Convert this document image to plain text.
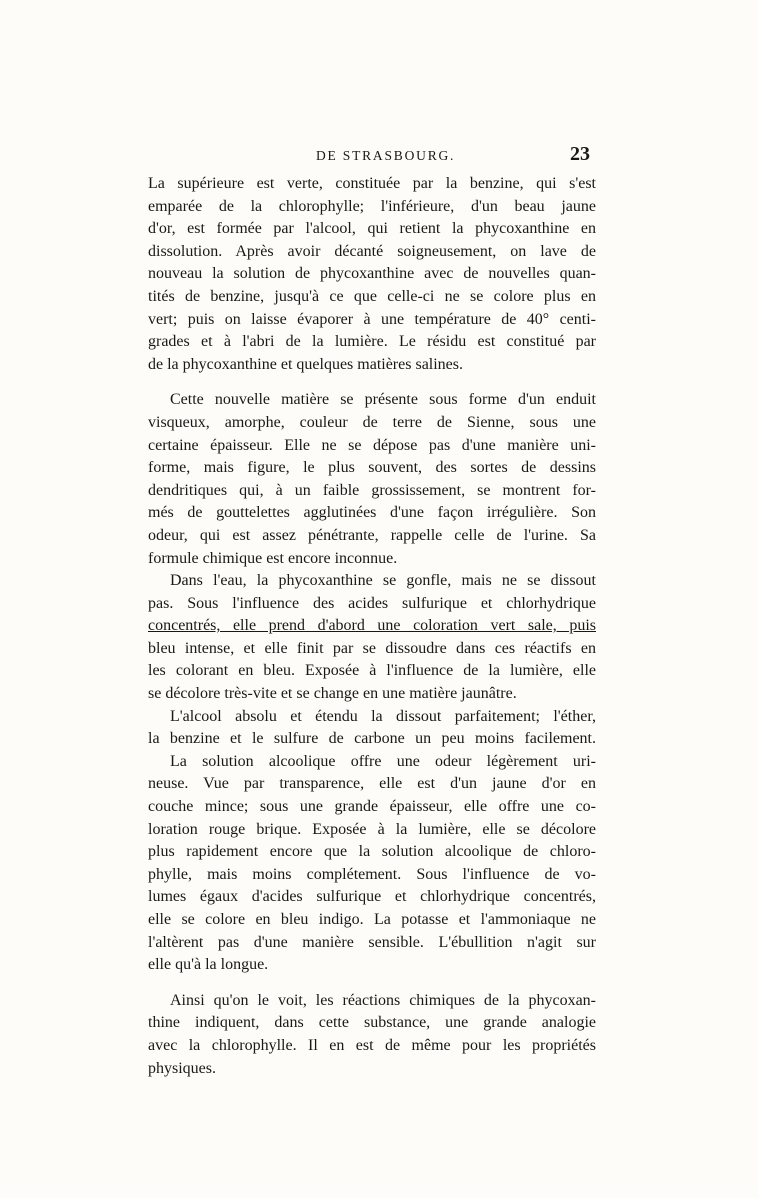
DE STRASBOURG.	23
La supérieure est verte, constituée par la benzine, qui s'est
emparée de la chlorophylle; l'inférieure, d'un beau jaune
d'or, est formée par l'alcool, qui retient la phycoxanthine en
dissolution. Après avoir décanté soigneusement, on lave de
nouveau la solution de phycoxanthine avec de nouvelles quan-
tités de benzine, jusqu'à ce que celle-ci ne se colore plus en
vert; puis on laisse évaporer à une température de 40° centi-
grades et à l'abri de la lumière. Le résidu est constitué par
de la phycoxanthine et quelques matières salines.
Cette nouvelle matière se présente sous forme d'un enduit
visqueux, amorphe, couleur de terre de Sienne, sous une
certaine épaisseur. Elle ne se dépose pas d'une manière uni-
forme, mais figure, le plus souvent, des sortes de dessins
dendritiques qui, à un faible grossissement, se montrent for-
més de gouttelettes agglutinées d'une façon irrégulière. Son
odeur, qui est assez pénétrante, rappelle celle de l'urine. Sa
formule chimique est encore inconnue.
Dans l'eau, la phycoxanthine se gonfle, mais ne se dissout
pas. Sous l'influence des acides sulfurique et chlorhydrique
concentrés, elle prend d'abord une coloration vert sale, puis
bleu intense, et elle finit par se dissoudre dans ces réactifs en
les colorant en bleu. Exposée à l'influence de la lumière, elle
se décolore très-vite et se change en une matière jaunâtre.
L'alcool absolu et étendu la dissout parfaitement; l'éther,
la benzine et le sulfure de carbone un peu moins facilement.
La solution alcoolique offre une odeur légèrement uri-
neuse. Vue par transparence, elle est d'un jaune d'or en
couche mince; sous une grande épaisseur, elle offre une co-
loration rouge brique. Exposée à la lumière, elle se décolore
plus rapidement encore que la solution alcoolique de chloro-
phylle, mais moins complétement. Sous l'influence de vo-
lumes égaux d'acides sulfurique et chlorhydrique concentrés,
elle se colore en bleu indigo. La potasse et l'ammoniaque ne
l'altèrent pas d'une manière sensible. L'ébullition n'agit sur
elle qu'à la longue.
Ainsi qu'on le voit, les réactions chimiques de la phycoxan-
thine indiquent, dans cette substance, une grande analogie
avec la chlorophylle. Il en est de même pour les propriétés
physiques.
